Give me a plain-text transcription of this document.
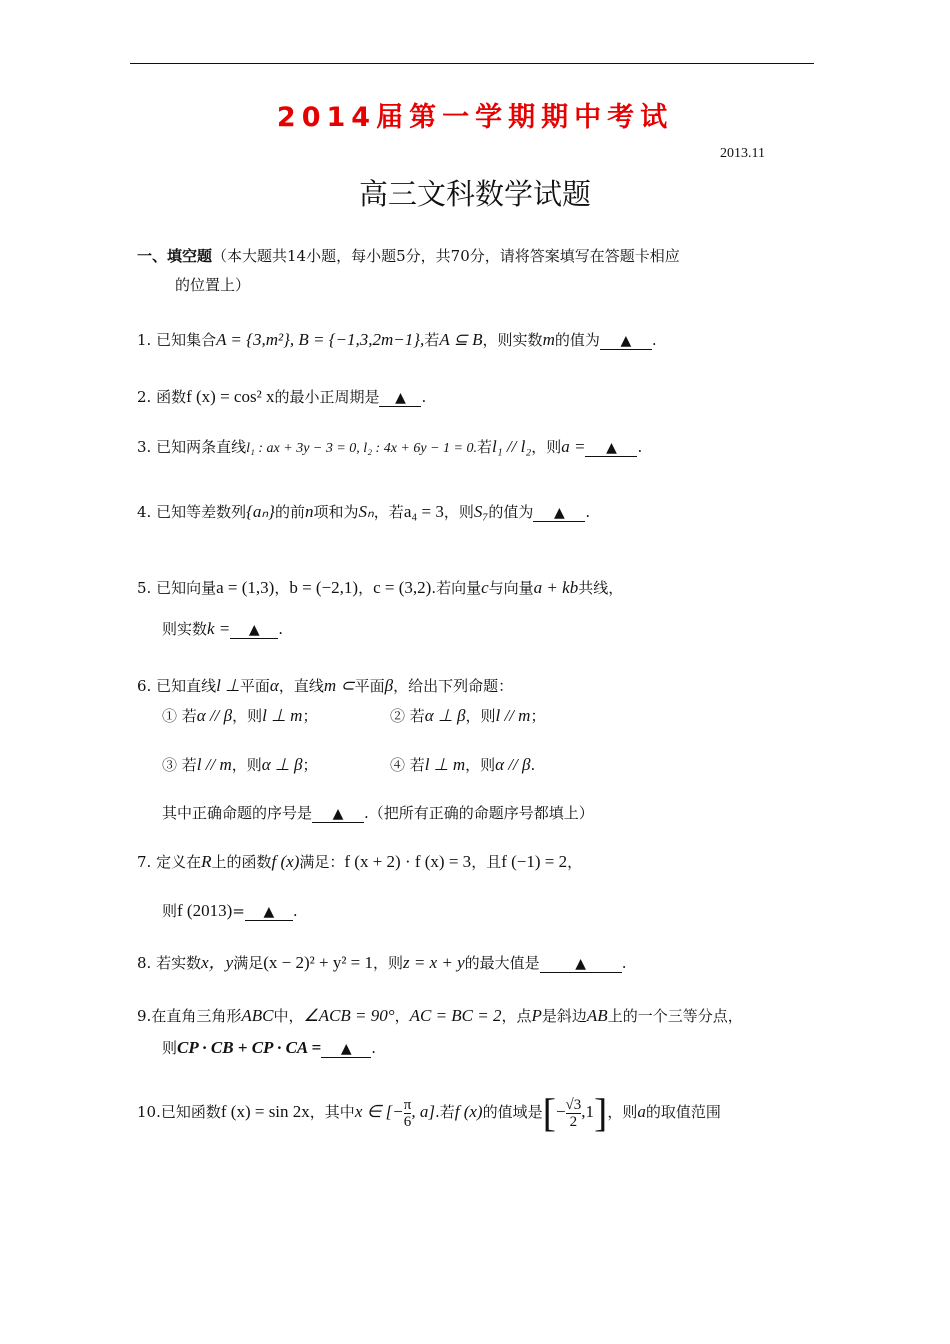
2014届第一学期期中考试
2013.11
高三文科数学试题
一、填空题（本大题共14小题，每小题5分，共70分，请将答案填写在答题卡相应
的位置上）
1. 已知集合A = {3,m²}, B = {−1,3,2m−1},若A ⊆ B，则实数m的值为 ▲ .
2. 函数f (x) = cos² x的最小正周期是 ▲ .
3. 已知两条直线l₁ : ax + 3y − 3 = 0, l₂ : 4x + 6y − 1 = 0.若l₁ // l₂，则a = ▲ .
4. 已知等差数列{aₙ}的前n项和为Sₙ，若a₄ = 3，则S₇的值为 ▲ .
5. 已知向量a = (1,3)，b = (−2,1)，c = (3,2).若向量c与向量a + kb共线，
则实数k = ▲ .
6. 已知直线l ⊥平面α，直线m ⊂平面β，给出下列命题：
① 若α // β，则l ⊥ m；	② 若α ⊥ β，则l // m；
③ 若l // m，则α ⊥ β；	④ 若l ⊥ m，则α // β.
其中正确命题的序号是 ▲ .（把所有正确的命题序号都填上）
7. 定义在R上的函数f (x)满足：f (x + 2) · f (x) = 3，且f (−1) = 2，
则f (2013)= ▲ .
8. 若实数x，y满足(x − 2)² + y² = 1，则z = x + y的最大值是	▲ .
9.在直角三角形ABC中，∠ACB = 90°，AC = BC = 2，点P是斜边AB上的一个三等分点，
则CP · CB + CP · CA = ▲ .
10.已知函数f (x) = sin 2x，其中x ∈ [− $\frac{\pi}{6}$ , a].若f (x)的值域是[− $\frac{√3}{2} ,1$]，则a的取值范围
